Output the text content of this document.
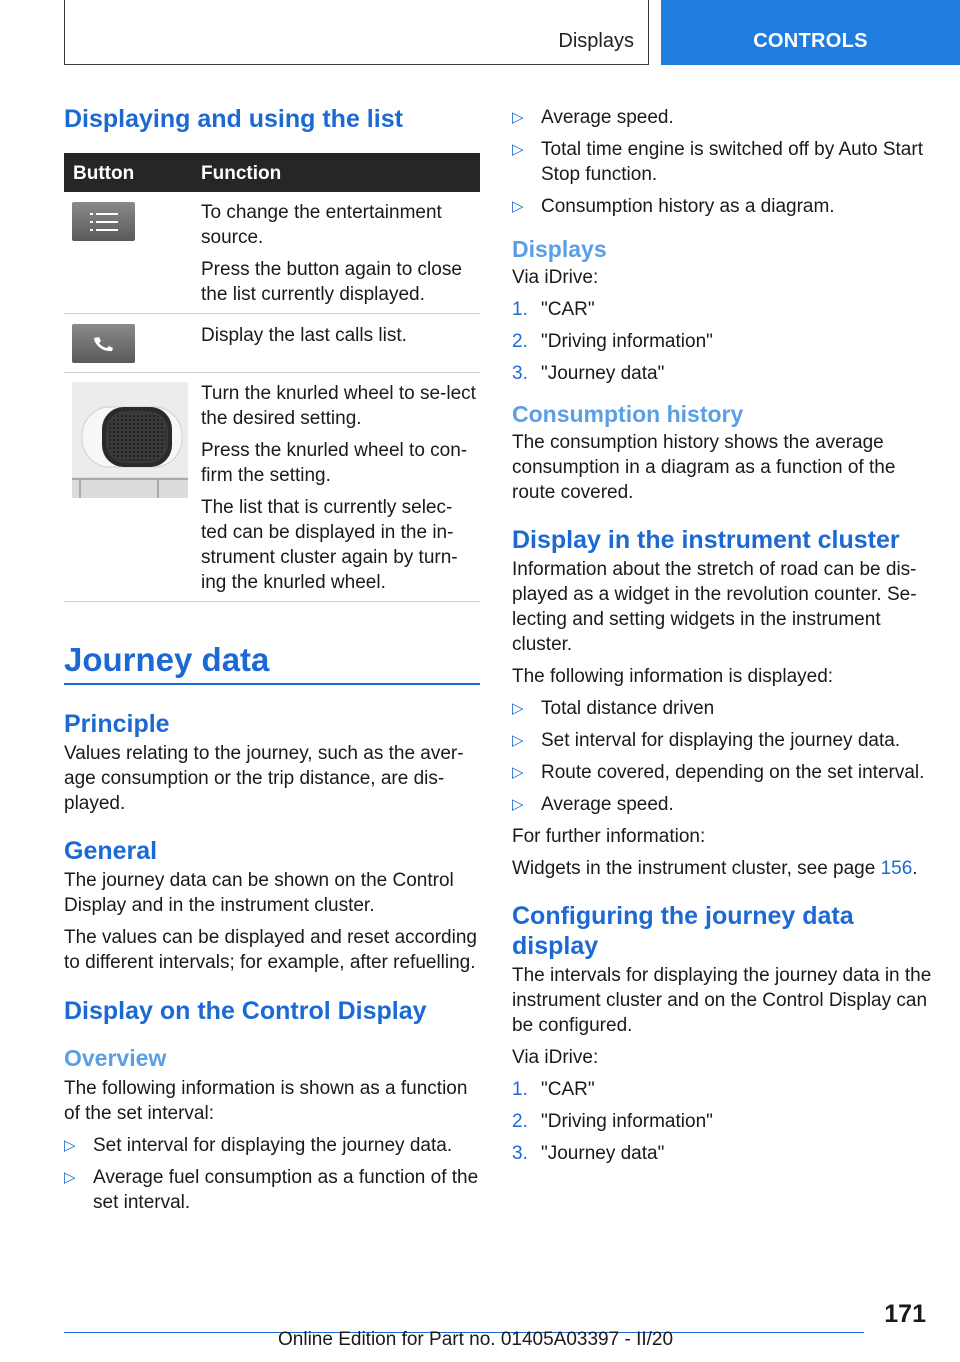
Displays	CONTROLS
Displaying and using the list
Button	Function
To change the entertainment source.
Press the button again to close the list currently displayed.
Display the last calls list.
Turn the knurled wheel to se‐lect the desired setting.
Press the knurled wheel to con‐firm the setting.
The list that is currently selec‐ted can be displayed in the in‐strument cluster again by turn‐ing the knurled wheel.
Journey data
Principle
Values relating to the journey, such as the aver‐age consumption or the trip distance, are dis‐played.
General
The journey data can be shown on the Control Display and in the instrument cluster.
The values can be displayed and reset according to different intervals; for example, after refuelling.
Display on the Control Display
Overview
The following information is shown as a function of the set interval:
▷ Set interval for displaying the journey data.
▷ Average fuel consumption as a function of the set interval.
▷ Average speed.
▷ Total time engine is switched off by Auto Start Stop function.
▷ Consumption history as a diagram.
Displays
Via iDrive:
1. "CAR"
2. "Driving information"
3. "Journey data"
Consumption history
The consumption history shows the average consumption in a diagram as a function of the route covered.
Display in the instrument cluster
Information about the stretch of road can be dis‐played as a widget in the revolution counter. Se‐lecting and setting widgets in the instrument cluster.
The following information is displayed:
▷ Total distance driven
▷ Set interval for displaying the journey data.
▷ Route covered, depending on the set interval.
▷ Average speed.
For further information:
Widgets in the instrument cluster, see page 156.
Configuring the journey data display
The intervals for displaying the journey data in the instrument cluster and on the Control Display can be configured.
Via iDrive:
1. "CAR"
2. "Driving information"
3. "Journey data"
171
Online Edition for Part no. 01405A03397 - II/20
